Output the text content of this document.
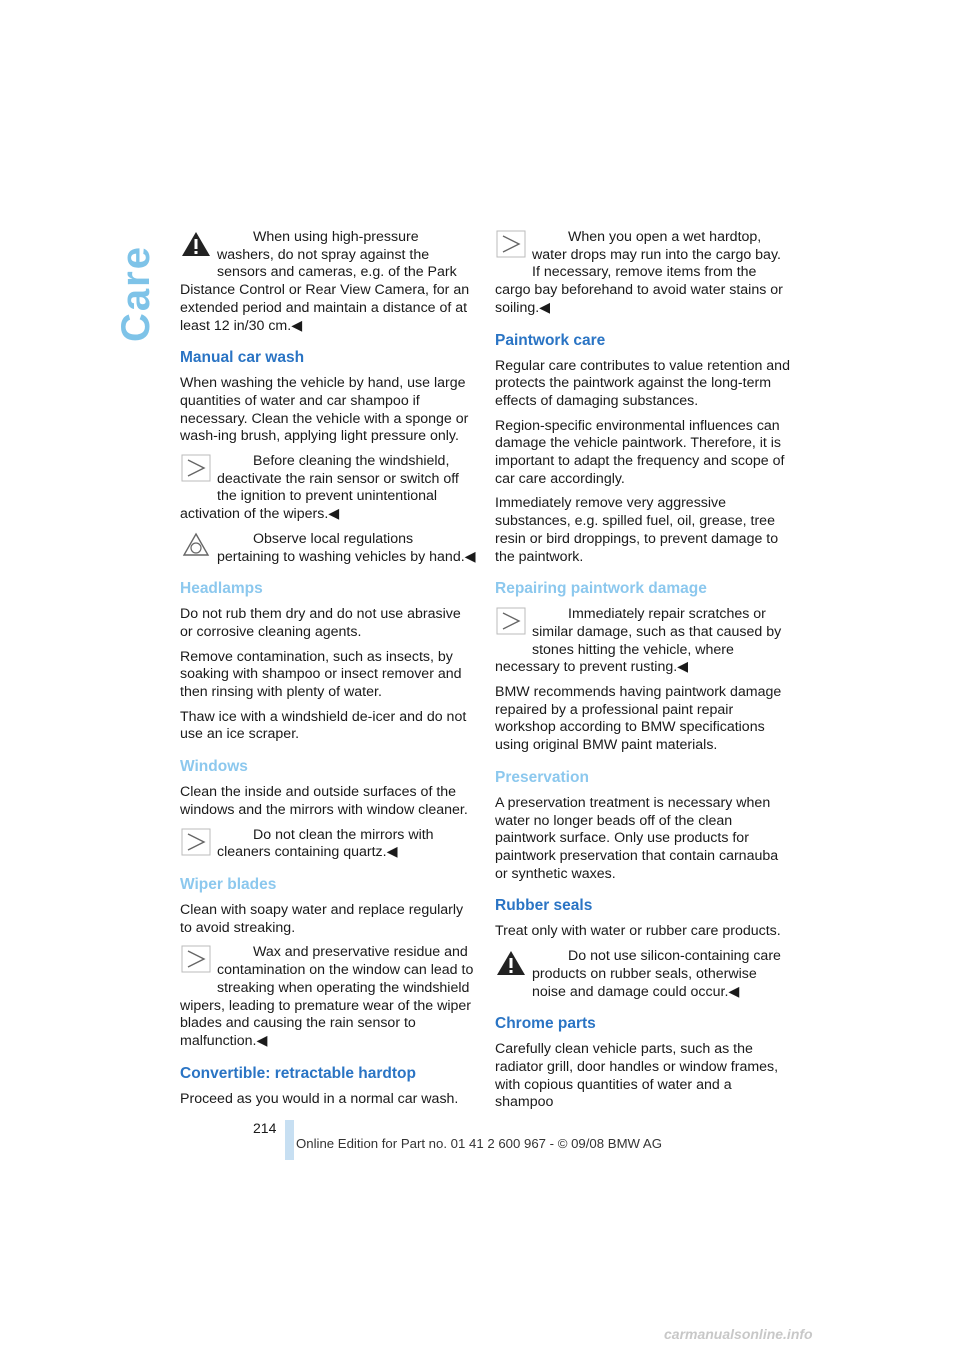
Care

When using high-pressure washers, do not spray against the sensors and cameras, e.g. of the Park Distance Control or Rear View Camera, for an extended period and maintain a distance of at least 12 in/30 cm.◀

Manual car wash

When washing the vehicle by hand, use large quantities of water and car shampoo if necessary. Clean the vehicle with a sponge or wash-ing brush, applying light pressure only.

Before cleaning the windshield, deactivate the rain sensor or switch off the ignition to prevent unintentional activation of the wipers.◀

Observe local regulations pertaining to washing vehicles by hand.◀

Headlamps

Do not rub them dry and do not use abrasive or corrosive cleaning agents.

Remove contamination, such as insects, by soaking with shampoo or insect remover and then rinsing with plenty of water.

Thaw ice with a windshield de-icer and do not use an ice scraper.

Windows

Clean the inside and outside surfaces of the windows and the mirrors with window cleaner.

Do not clean the mirrors with cleaners containing quartz.◀

Wiper blades

Clean with soapy water and replace regularly to avoid streaking.

Wax and preservative residue and contamination on the window can lead to streaking when operating the windshield wipers, leading to premature wear of the wiper blades and causing the rain sensor to malfunction.◀

Convertible: retractable hardtop

Proceed as you would in a normal car wash.

When you open a wet hardtop, water drops may run into the cargo bay. If necessary, remove items from the cargo bay beforehand to avoid water stains or soiling.◀

Paintwork care

Regular care contributes to value retention and protects the paintwork against the long-term effects of damaging substances.

Region-specific environmental influences can damage the vehicle paintwork. Therefore, it is important to adapt the frequency and scope of car care accordingly.

Immediately remove very aggressive substances, e.g. spilled fuel, oil, grease, tree resin or bird droppings, to prevent damage to the paintwork.

Repairing paintwork damage

Immediately repair scratches or similar damage, such as that caused by stones hitting the vehicle, where necessary to prevent rusting.◀

BMW recommends having paintwork damage repaired by a professional paint repair workshop according to BMW specifications using original BMW paint materials.

Preservation

A preservation treatment is necessary when water no longer beads off of the clean paintwork surface. Only use products for paintwork preservation that contain carnauba or synthetic waxes.

Rubber seals

Treat only with water or rubber care products.

Do not use silicon-containing care products on rubber seals, otherwise noise and damage could occur.◀

Chrome parts

Carefully clean vehicle parts, such as the radiator grill, door handles or window frames, with copious quantities of water and a shampoo

214
Online Edition for Part no. 01 41 2 600 967 - © 09/08 BMW AG
carmanualsonline.info
